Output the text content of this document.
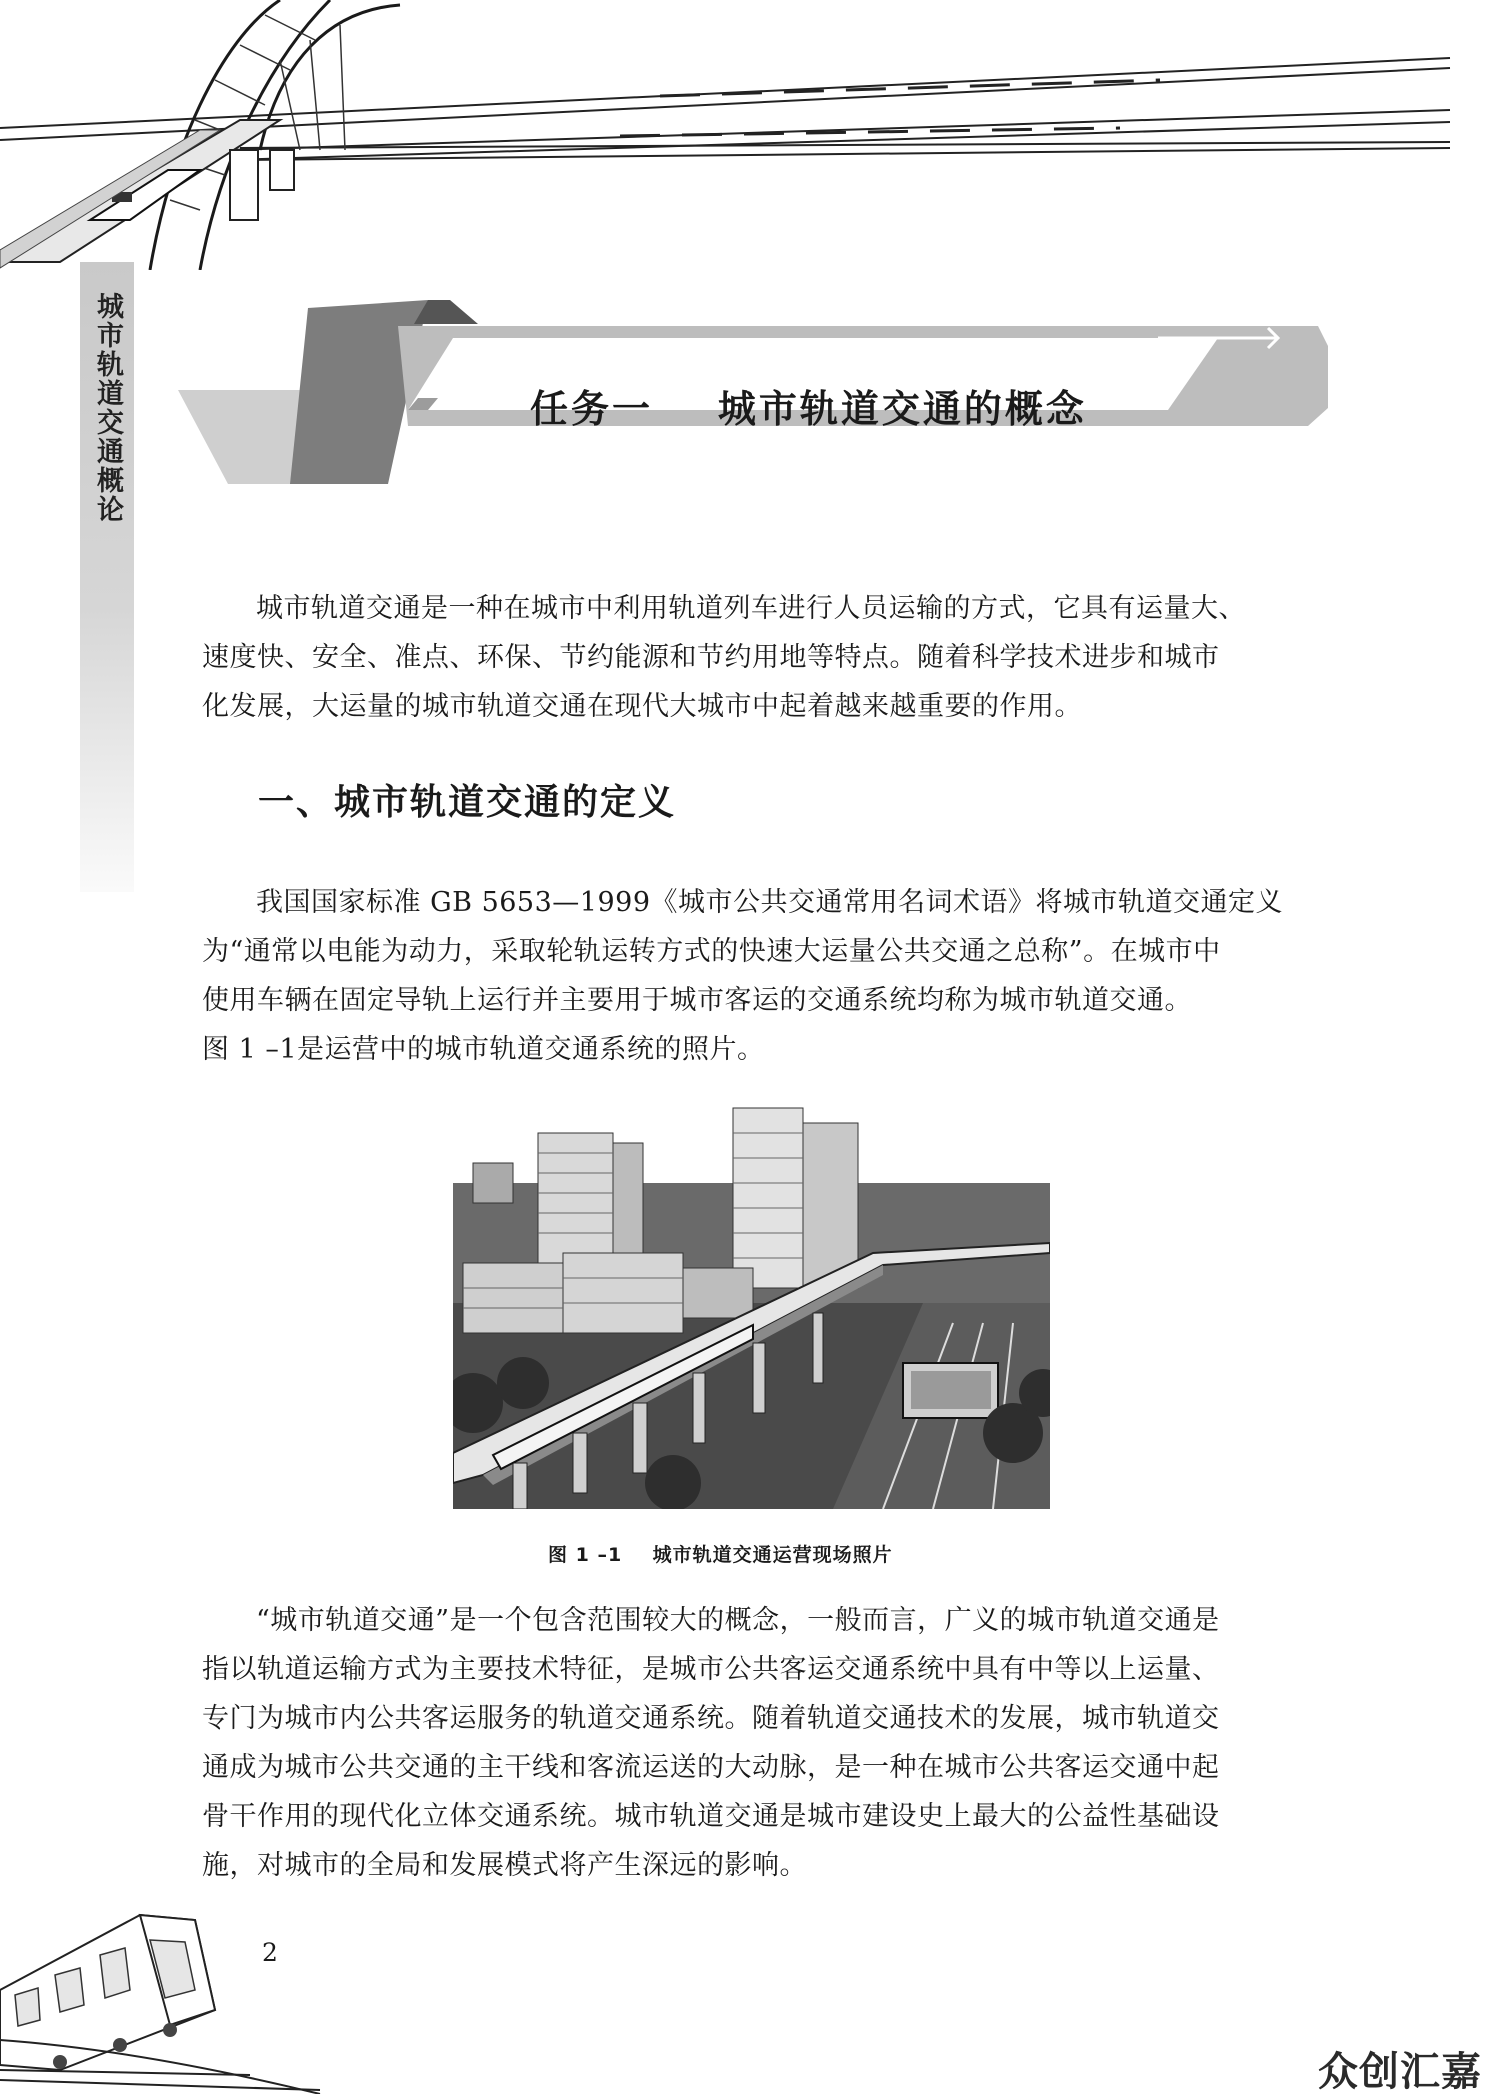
城市轨道交通概论	任务一    城市轨道交通的概念
城市轨道交通是一种在城市中利用轨道列车进行人员运输的方式，它具有运量大、
速度快、安全、准点、环保、节约能源和节约用地等特点。随着科学技术进步和城市
化发展，大运量的城市轨道交通在现代大城市中起着越来越重要的作用。
一、城市轨道交通的定义
我国国家标准 GB 5653—1999《城市公共交通常用名词术语》将城市轨道交通定义
为“通常以电能为动力，采取轮轨运转方式的快速大运量公共交通之总称”。在城市中
使用车辆在固定导轨上运行并主要用于城市客运的交通系统均称为城市轨道交通。
图 1 –1是运营中的城市轨道交通系统的照片。
图 1 –1    城市轨道交通运营现场照片
“城市轨道交通”是一个包含范围较大的概念，一般而言，广义的城市轨道交通是
指以轨道运输方式为主要技术特征，是城市公共客运交通系统中具有中等以上运量、
专门为城市内公共客运服务的轨道交通系统。随着轨道交通技术的发展，城市轨道交
通成为城市公共交通的主干线和客流运送的大动脉，是一种在城市公共客运交通中起
骨干作用的现代化立体交通系统。城市轨道交通是城市建设史上最大的公益性基础设
施，对城市的全局和发展模式将产生深远的影响。
2
众创汇嘉
